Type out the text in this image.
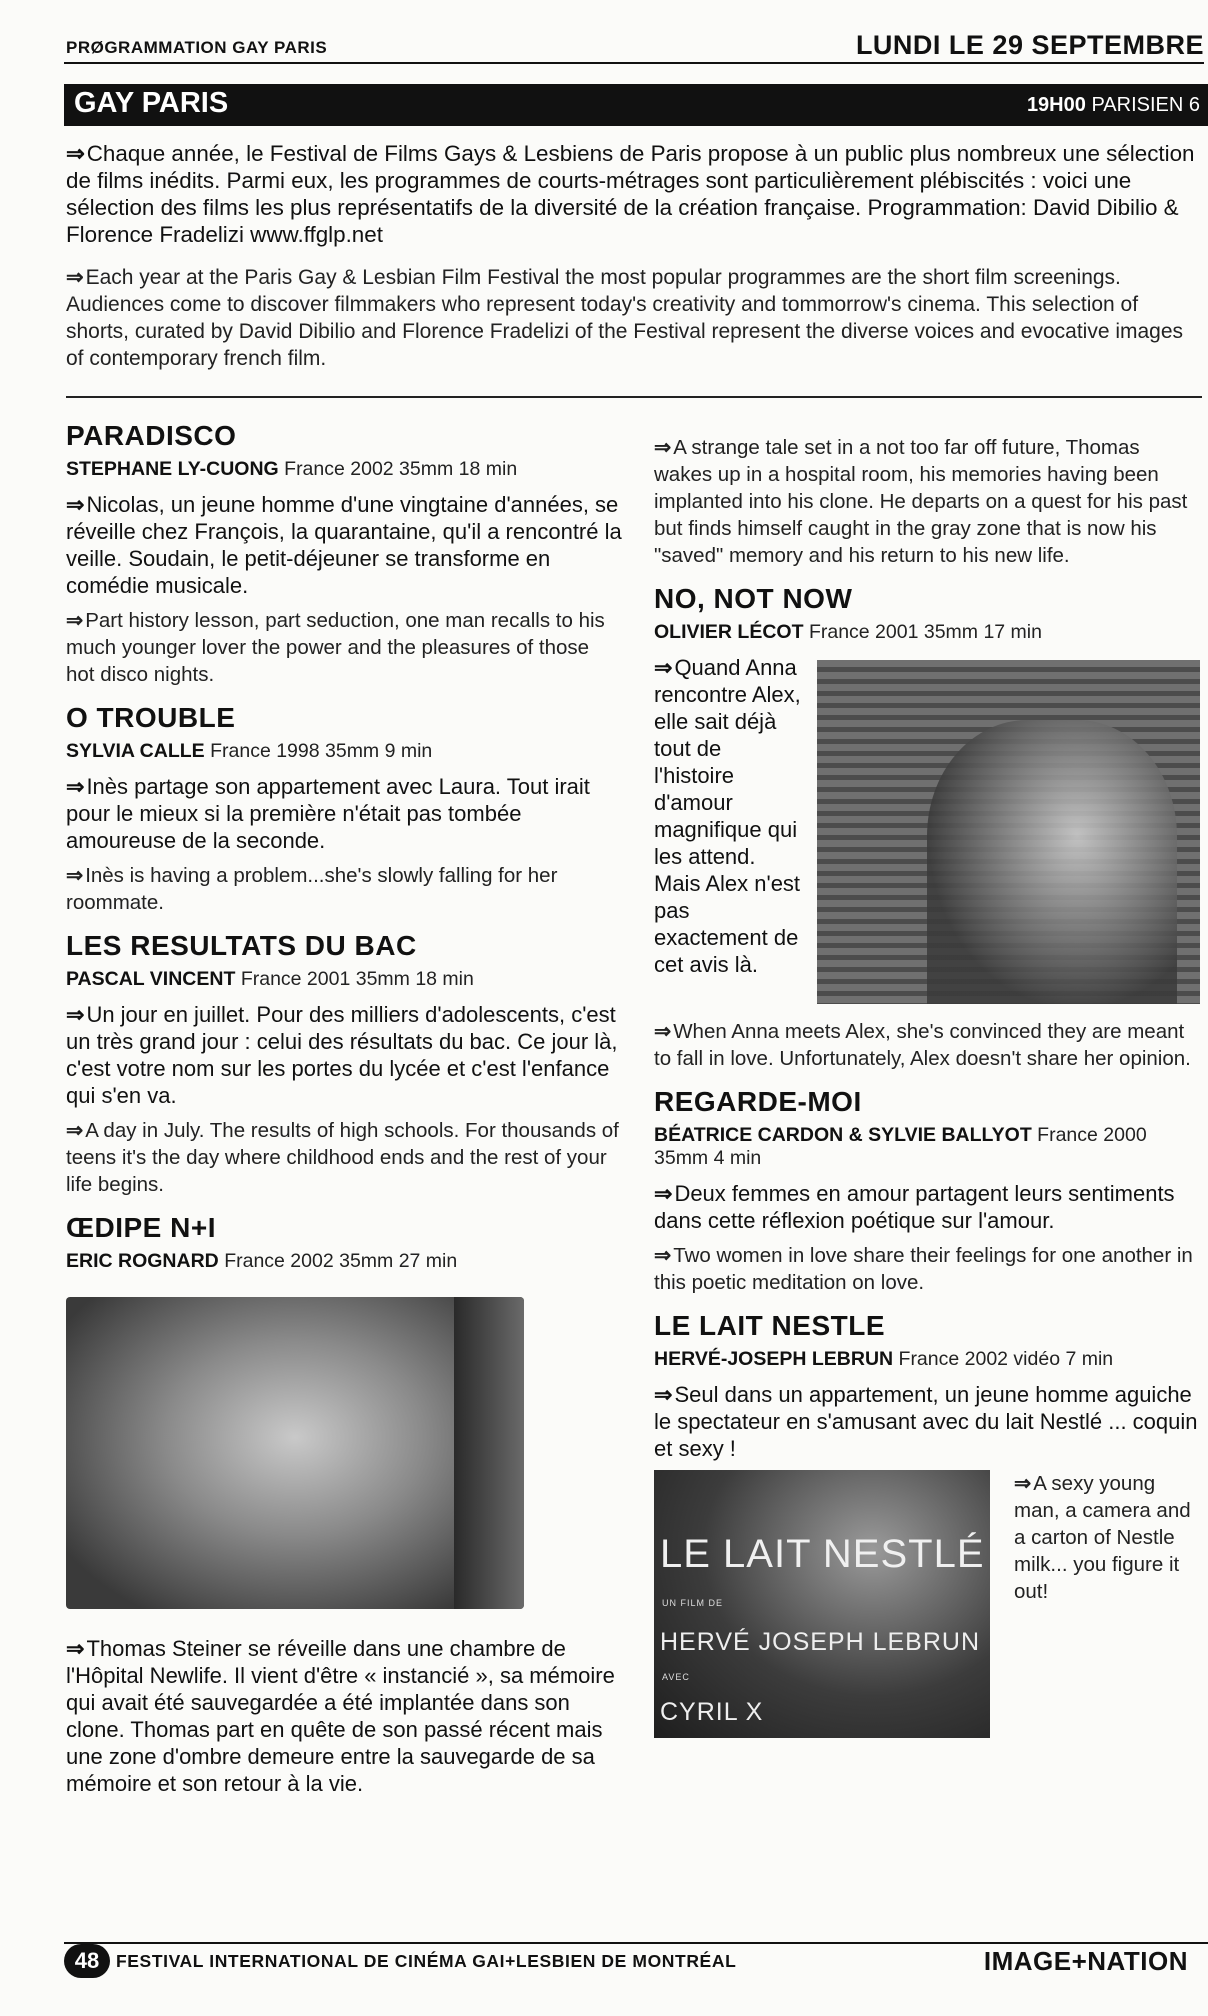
PRØGRAMMATION GAY PARIS	LUNDI LE 29 SEPTEMBRE
GAY PARIS	19H00 PARISIEN 6
⇒Chaque année, le Festival de Films Gays & Lesbiens de Paris propose à un public plus nombreux une sélection de films inédits. Parmi eux, les programmes de courts-métrages sont particulièrement plébiscités : voici une sélection des films les plus représentatifs de la diversité de la création française. Programmation: David Dibilio & Florence Fradelizi www.ffglp.net
⇒Each year at the Paris Gay & Lesbian Film Festival the most popular programmes are the short film screenings. Audiences come to discover filmmakers who represent today's creativity and tommorrow's cinema. This selection of shorts, curated by David Dibilio and Florence Fradelizi of the Festival represent the diverse voices and evocative images of contemporary french film.
PARADISCO
STEPHANE LY-CUONG France 2002 35mm 18 min

⇒Nicolas, un jeune homme d'une vingtaine d'années, se réveille chez François, la quarantaine, qu'il a rencontré la veille. Soudain, le petit-déjeuner se transforme en comédie musicale.

⇒Part history lesson, part seduction, one man recalls to his much younger lover the power and the pleasures of those hot disco nights.

O TROUBLE
SYLVIA CALLE France 1998 35mm 9 min

⇒Inès partage son appartement avec Laura. Tout irait pour le mieux si la première n'était pas tombée amoureuse de la seconde.

⇒Inès is having a problem...she's slowly falling for her roommate.

LES RESULTATS DU BAC
PASCAL VINCENT France 2001 35mm 18 min

⇒Un jour en juillet. Pour des milliers d'adolescents, c'est un très grand jour : celui des résultats du bac. Ce jour là, c'est votre nom sur les portes du lycée et c'est l'enfance qui s'en va.

⇒A day in July. The results of high schools. For thousands of teens it's the day where childhood ends and the rest of your life begins.

ŒDIPE N+I
ERIC ROGNARD France 2002 35mm 27 min

⇒Thomas Steiner se réveille dans une chambre de l'Hôpital Newlife. Il vient d'être « instancié », sa mémoire qui avait été sauvegardée a été implantée dans son clone. Thomas part en quête de son passé récent mais une zone d'ombre demeure entre la sauvegarde de sa mémoire et son retour à la vie.

⇒A strange tale set in a not too far off future, Thomas wakes up in a hospital room, his memories having been implanted into his clone. He departs on a quest for his past but finds himself caught in the gray zone that is now his "saved" memory and his return to his new life.

NO, NOT NOW
OLIVIER LÉCOT France 2001 35mm 17 min
⇒Quand Anna rencontre Alex, elle sait déjà tout de l'histoire d'amour magnifique qui les attend. Mais Alex n'est pas exactement de cet avis là.

⇒When Anna meets Alex, she's convinced they are meant to fall in love. Unfortunately, Alex doesn't share her opinion.

REGARDE-MOI
BÉATRICE CARDON & SYLVIE BALLYOT France 2000 35mm 4 min

⇒Deux femmes en amour partagent leurs sentiments dans cette réflexion poétique sur l'amour.

⇒Two women in love share their feelings for one another in this poetic meditation on love.

LE LAIT NESTLE
HERVÉ-JOSEPH LEBRUN France 2002 vidéo 7 min

⇒Seul dans un appartement, un jeune homme aguiche le spectateur en s'amusant avec du lait Nestlé ... coquin et sexy !

LE LAIT NESTLÉ
UN FILM DE
HERVÉ JOSEPH LEBRUN
AVEC
CYRIL X
⇒A sexy young man, a camera and a carton of Nestle milk... you figure it out!
48 FESTIVAL INTERNATIONAL DE CINÉMA GAI+LESBIEN DE MONTRÉAL	IMAGE+NATION
